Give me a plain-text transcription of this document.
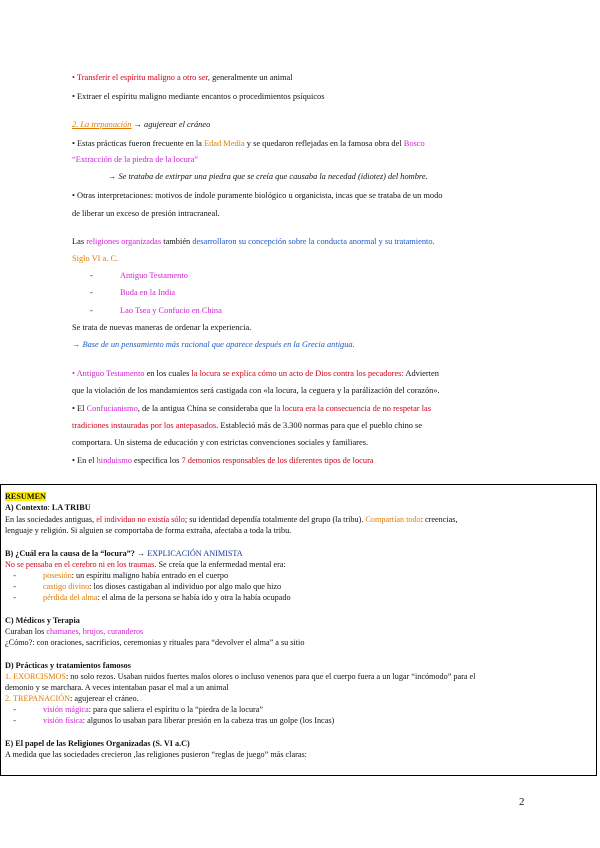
• Transferir el espíritu maligno a otro ser, generalmente un animal
• Extraer el espíritu maligno mediante encantos o procedimientos psíquicos
2. La trepanación → agujerear el cráneo
• Estas prácticas fueron frecuente en la Edad Media y se quedaron reflejadas en la famosa obra del Bosco
“Extracción de la piedra de la locura”
→ Se trataba de extirpar una piedra que se creía que causaba la necedad (idiotez) del hombre.
• Otras interpretaciones: motivos de índole puramente biológico u organicista, incas que se trataba de un modo
de liberar un exceso de presión intracraneal.
Las religiones organizadas también desarrollaron su concepción sobre la conducta anormal y su tratamiento.
Siglo VI a. C.
-	Antiguo Testamento
-	Buda en la India
-	Lao Tsea y Confucio en China
Se trata de nuevas maneras de ordenar la experiencia.
→ Base de un pensamiento más racional que aparece después en la Grecia antigua.
• Antiguo Testamento en los cuales la locura se explica cómo un acto de Dios contra los pecadores: Advierten
que la violación de los mandamientos será castigada con «la locura, la ceguera y la parálización del corazón».
• El Confucianismo, de la antigua China se consideraba que la locura era la consecuencia de no respetar las
tradiciones instauradas por los antepasados. Estableció más de 3.300 normas para que el pueblo chino se
comportara. Un sistema de educación y con estrictas convenciones sociales y familiares.
• En el hinduismo especifica los 7 demonios responsables de los diferentes tipos de locura
RESUMEN
A) Contexto: LA TRIBU
En las sociedades antiguas, el individuo no existía sólo; su identidad dependía totalmente del grupo (la tribu). Compartían todo: creencias,
lenguaje y religión. Si alguien se comportaba de forma extraña, afectaba a toda la tribu.
B) ¿Cuál era la causa de la “locura”? → EXPLICACIÓN ANIMISTA
No se pensaba en el cerebro ni en los traumas. Se creía que la enfermedad mental era:
-	posesión: un espíritu maligno había entrado en el cuerpo
-	castigo divino: los dioses castigaban al individuo por algo malo que hizo
-	pérdida del alma: el alma de la persona se había ido y otra la había ocupado
C) Médicos y Terapia
Curaban los chamanes, brujos, curanderos
¿Cómo?: con oraciones, sacrificios, ceremonias y rituales para “devolver el alma” a su sitio
D) Prácticas y tratamientos famosos
1. EXORCISMOS: no solo rezos. Usaban ruidos fuertes malos olores o incluso venenos para que el cuerpo fuera a un lugar “incómodo” para el
demonio y se marchara. A veces intentaban pasar el mal a un animal
2. TREPANACIÓN: agujerear el cráneo.
-	visión mágica: para que saliera el espíritu o la “piedra de la locura”
-	visión física: algunos lo usaban para liberar presión en la cabeza tras un golpe (los Incas)
E) El papel de las Religiones Organizadas (S. VI a.C)
A medida que las sociedades crecieron ,las religiones pusieron “reglas de juego” más claras:
2
